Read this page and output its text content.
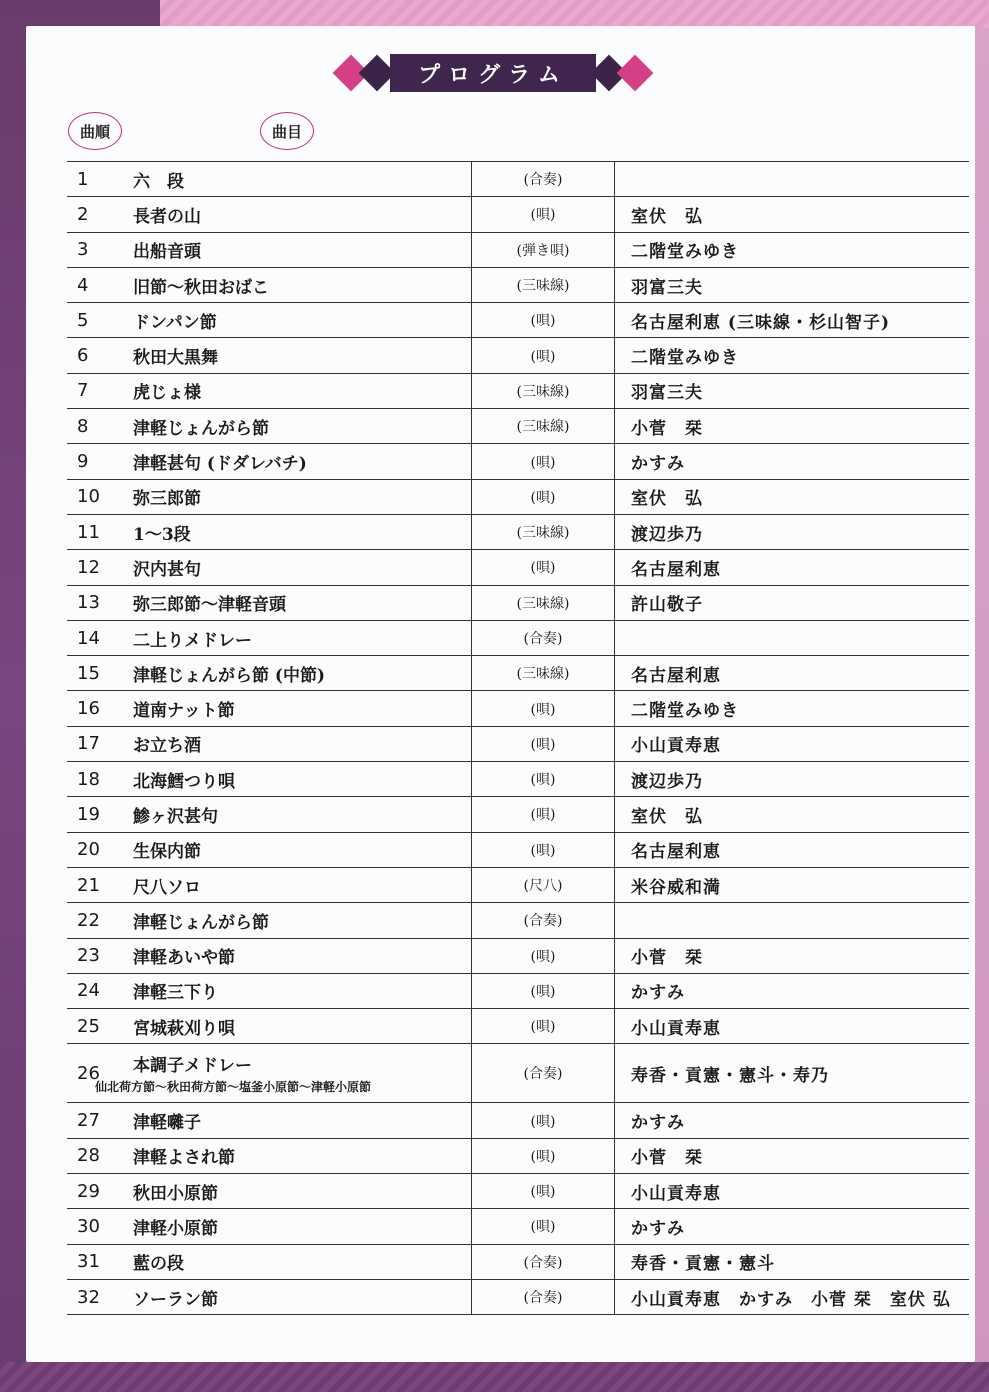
プログラム
曲順	曲目
1	六　段	(合奏)	
2	長者の山	(唄)	室伏　弘
3	出船音頭	(弾き唄)	二階堂みゆき
4	旧節〜秋田おばこ	(三味線)	羽富三夫
5	ドンパン節	(唄)	名古屋利恵 (三味線・杉山智子)
6	秋田大黒舞	(唄)	二階堂みゆき
7	虎じょ様	(三味線)	羽富三夫
8	津軽じょんがら節	(三味線)	小菅　栞
9	津軽甚句 (ドダレバチ)	(唄)	かすみ
10	弥三郎節	(唄)	室伏　弘
11	1〜3段	(三味線)	渡辺歩乃
12	沢内甚句	(唄)	名古屋利恵
13	弥三郎節〜津軽音頭	(三味線)	許山敬子
14	二上りメドレー	(合奏)	
15	津軽じょんがら節 (中節)	(三味線)	名古屋利恵
16	道南ナット節	(唄)	二階堂みゆき
17	お立ち酒	(唄)	小山貢寿恵
18	北海鱈つり唄	(唄)	渡辺歩乃
19	鯵ヶ沢甚句	(唄)	室伏　弘
20	生保内節	(唄)	名古屋利恵
21	尺八ソロ	(尺八)	米谷威和満
22	津軽じょんがら節	(合奏)	
23	津軽あいや節	(唄)	小菅　栞
24	津軽三下り	(唄)	かすみ
25	宮城萩刈り唄	(唄)	小山貢寿恵
26	本調子メドレー
仙北荷方節〜秋田荷方節〜塩釜小原節〜津軽小原節	(合奏)	寿香・貢憲・憲斗・寿乃
27	津軽囃子	(唄)	かすみ
28	津軽よされ節	(唄)	小菅　栞
29	秋田小原節	(唄)	小山貢寿恵
30	津軽小原節	(唄)	かすみ
31	藍の段	(合奏)	寿香・貢憲・憲斗
32	ソーラン節	(合奏)	小山貢寿恵　かすみ　小菅 栞　室伏 弘
